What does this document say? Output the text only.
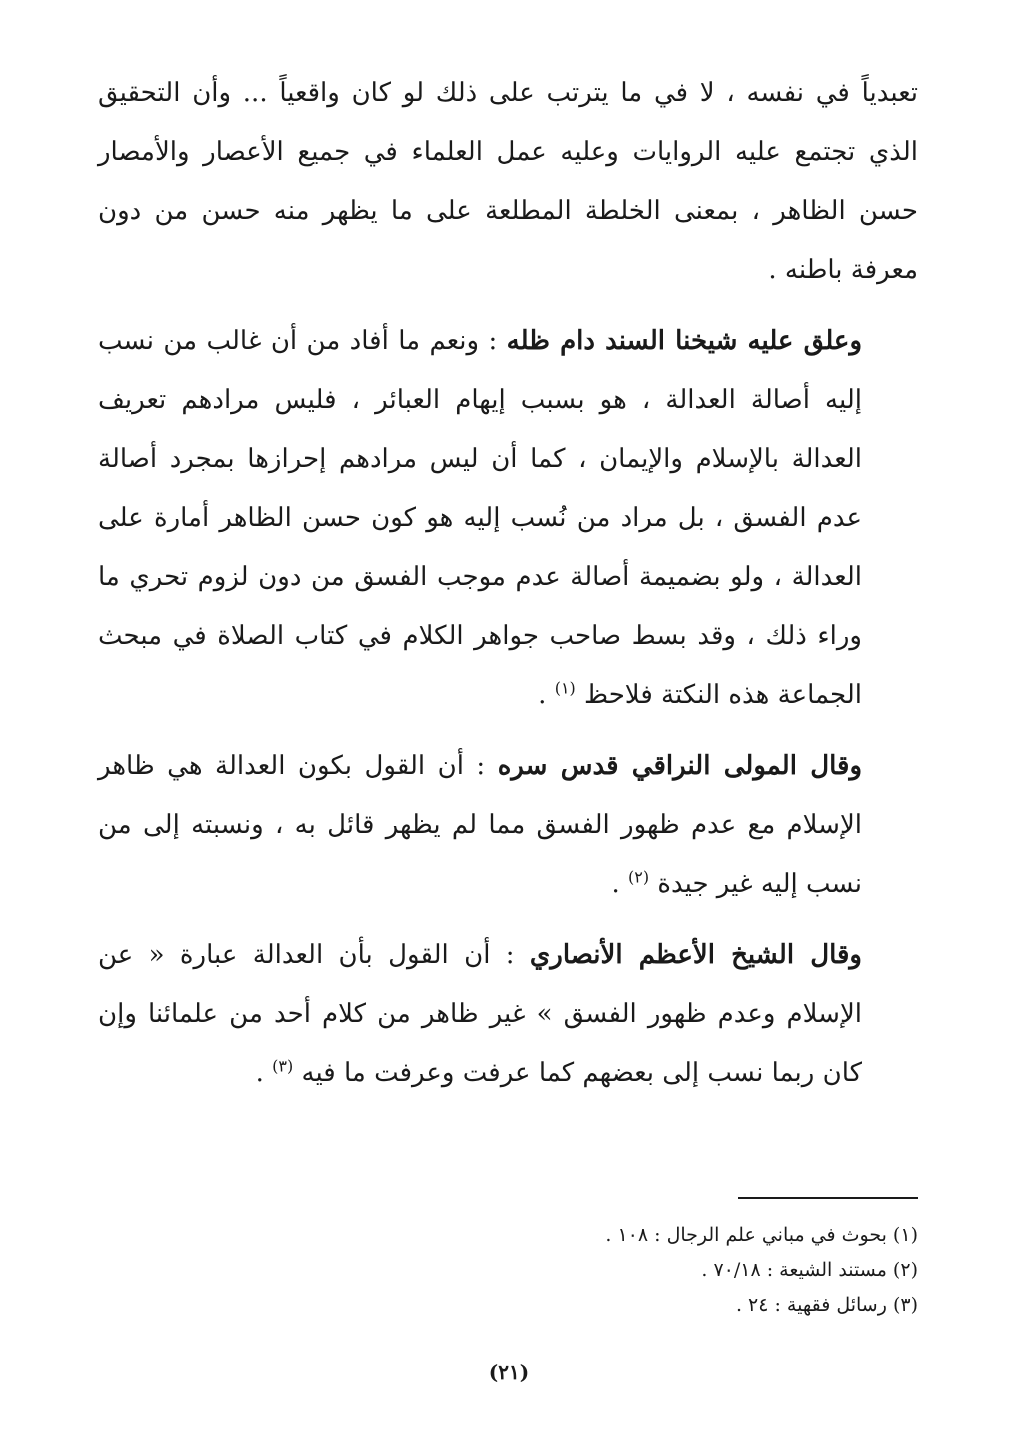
تعبدياً في نفسه ، لا في ما يترتب على ذلك لو كان واقعياً ... وأن التحقيق الذي تجتمع عليه الروايات وعليه عمل العلماء في جميع الأعصار والأمصار حسن الظاهر ، بمعنى الخلطة المطلعة على ما يظهر منه حسن من دون معرفة باطنه .

وعلق عليه شيخنا السند دام ظله : ونعم ما أفاد من أن غالب من نسب إليه أصالة العدالة ، هو بسبب إيهام العبائر ، فليس مرادهم تعريف العدالة بالإسلام والإيمان ، كما أن ليس مرادهم إحرازها بمجرد أصالة عدم الفسق ، بل مراد من نُسب إليه هو كون حسن الظاهر أمارة على العدالة ، ولو بضميمة أصالة عدم موجب الفسق من دون لزوم تحري ما وراء ذلك ، وقد بسط صاحب جواهر الكلام في كتاب الصلاة في مبحث الجماعة هذه النكتة فلاحظ $^{(١)}$ .

وقال المولى النراقي قدس سره : أن القول بكون العدالة هي ظاهر الإسلام مع عدم ظهور الفسق مما لم يظهر قائل به ، ونسبته إلى من نسب إليه غير جيدة $^{(٢)}$ .

وقال الشيخ الأعظم الأنصاري : أن القول بأن العدالة عبارة « عن الإسلام وعدم ظهور الفسق » غير ظاهر من كلام أحد من علمائنا وإن كان ربما نسب إلى بعضهم كما عرفت وعرفت ما فيه $^{(٣)}$ .

(١) بحوث في مباني علم الرجال : ١٠٨ .

(٢) مستند الشيعة : ٧٠/١٨ .

(٣) رسائل فقهية : ٢٤ .

(٢١)
